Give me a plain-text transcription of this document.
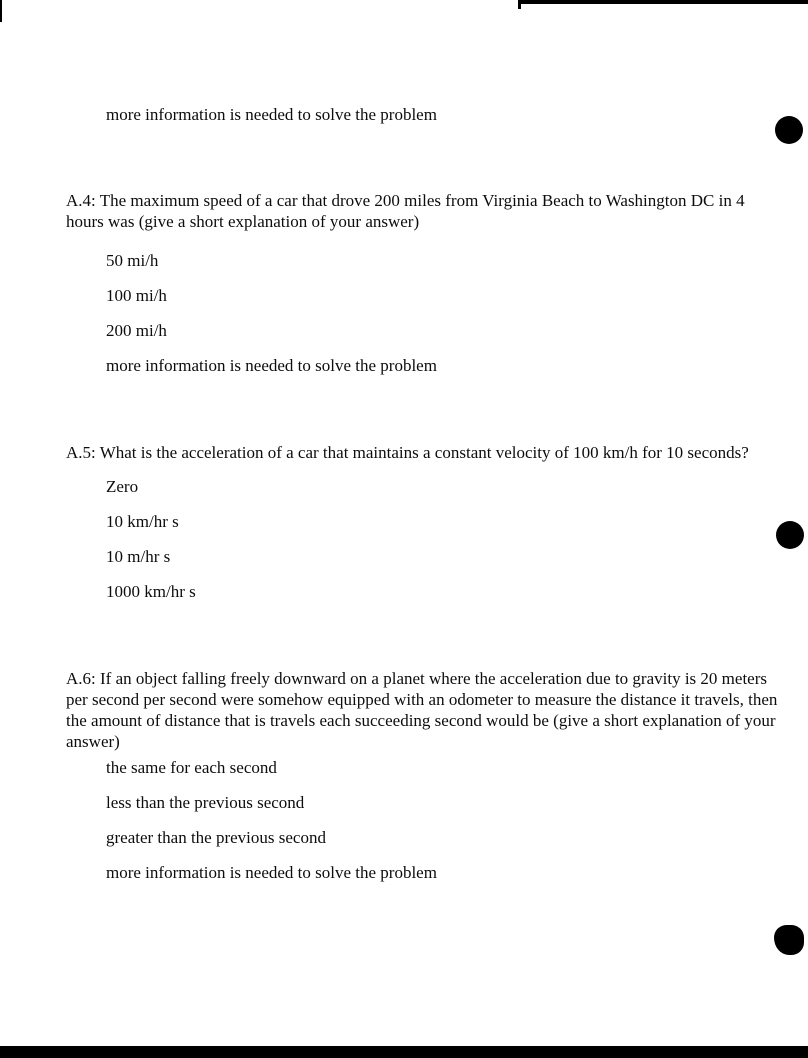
more information is needed to solve the problem
A.4: The maximum speed of a car that drove 200 miles from Virginia Beach to Washington DC in 4
hours was (give a short explanation of your answer)
50 mi/h
100 mi/h
200 mi/h
more information is needed to solve the problem
A.5: What is the acceleration of a car that maintains a constant velocity of 100 km/h for 10 seconds?
Zero
10 km/hr s
10 m/hr s
1000 km/hr s
A.6: If an object falling freely downward on a planet where the acceleration due to gravity is 20 meters
per second per second were somehow equipped with an odometer to measure the distance it travels, then
the amount of distance that is travels each succeeding second would be (give a short explanation of your
answer)
the same for each second
less than the previous second
greater than the previous second
more information is needed to solve the problem
